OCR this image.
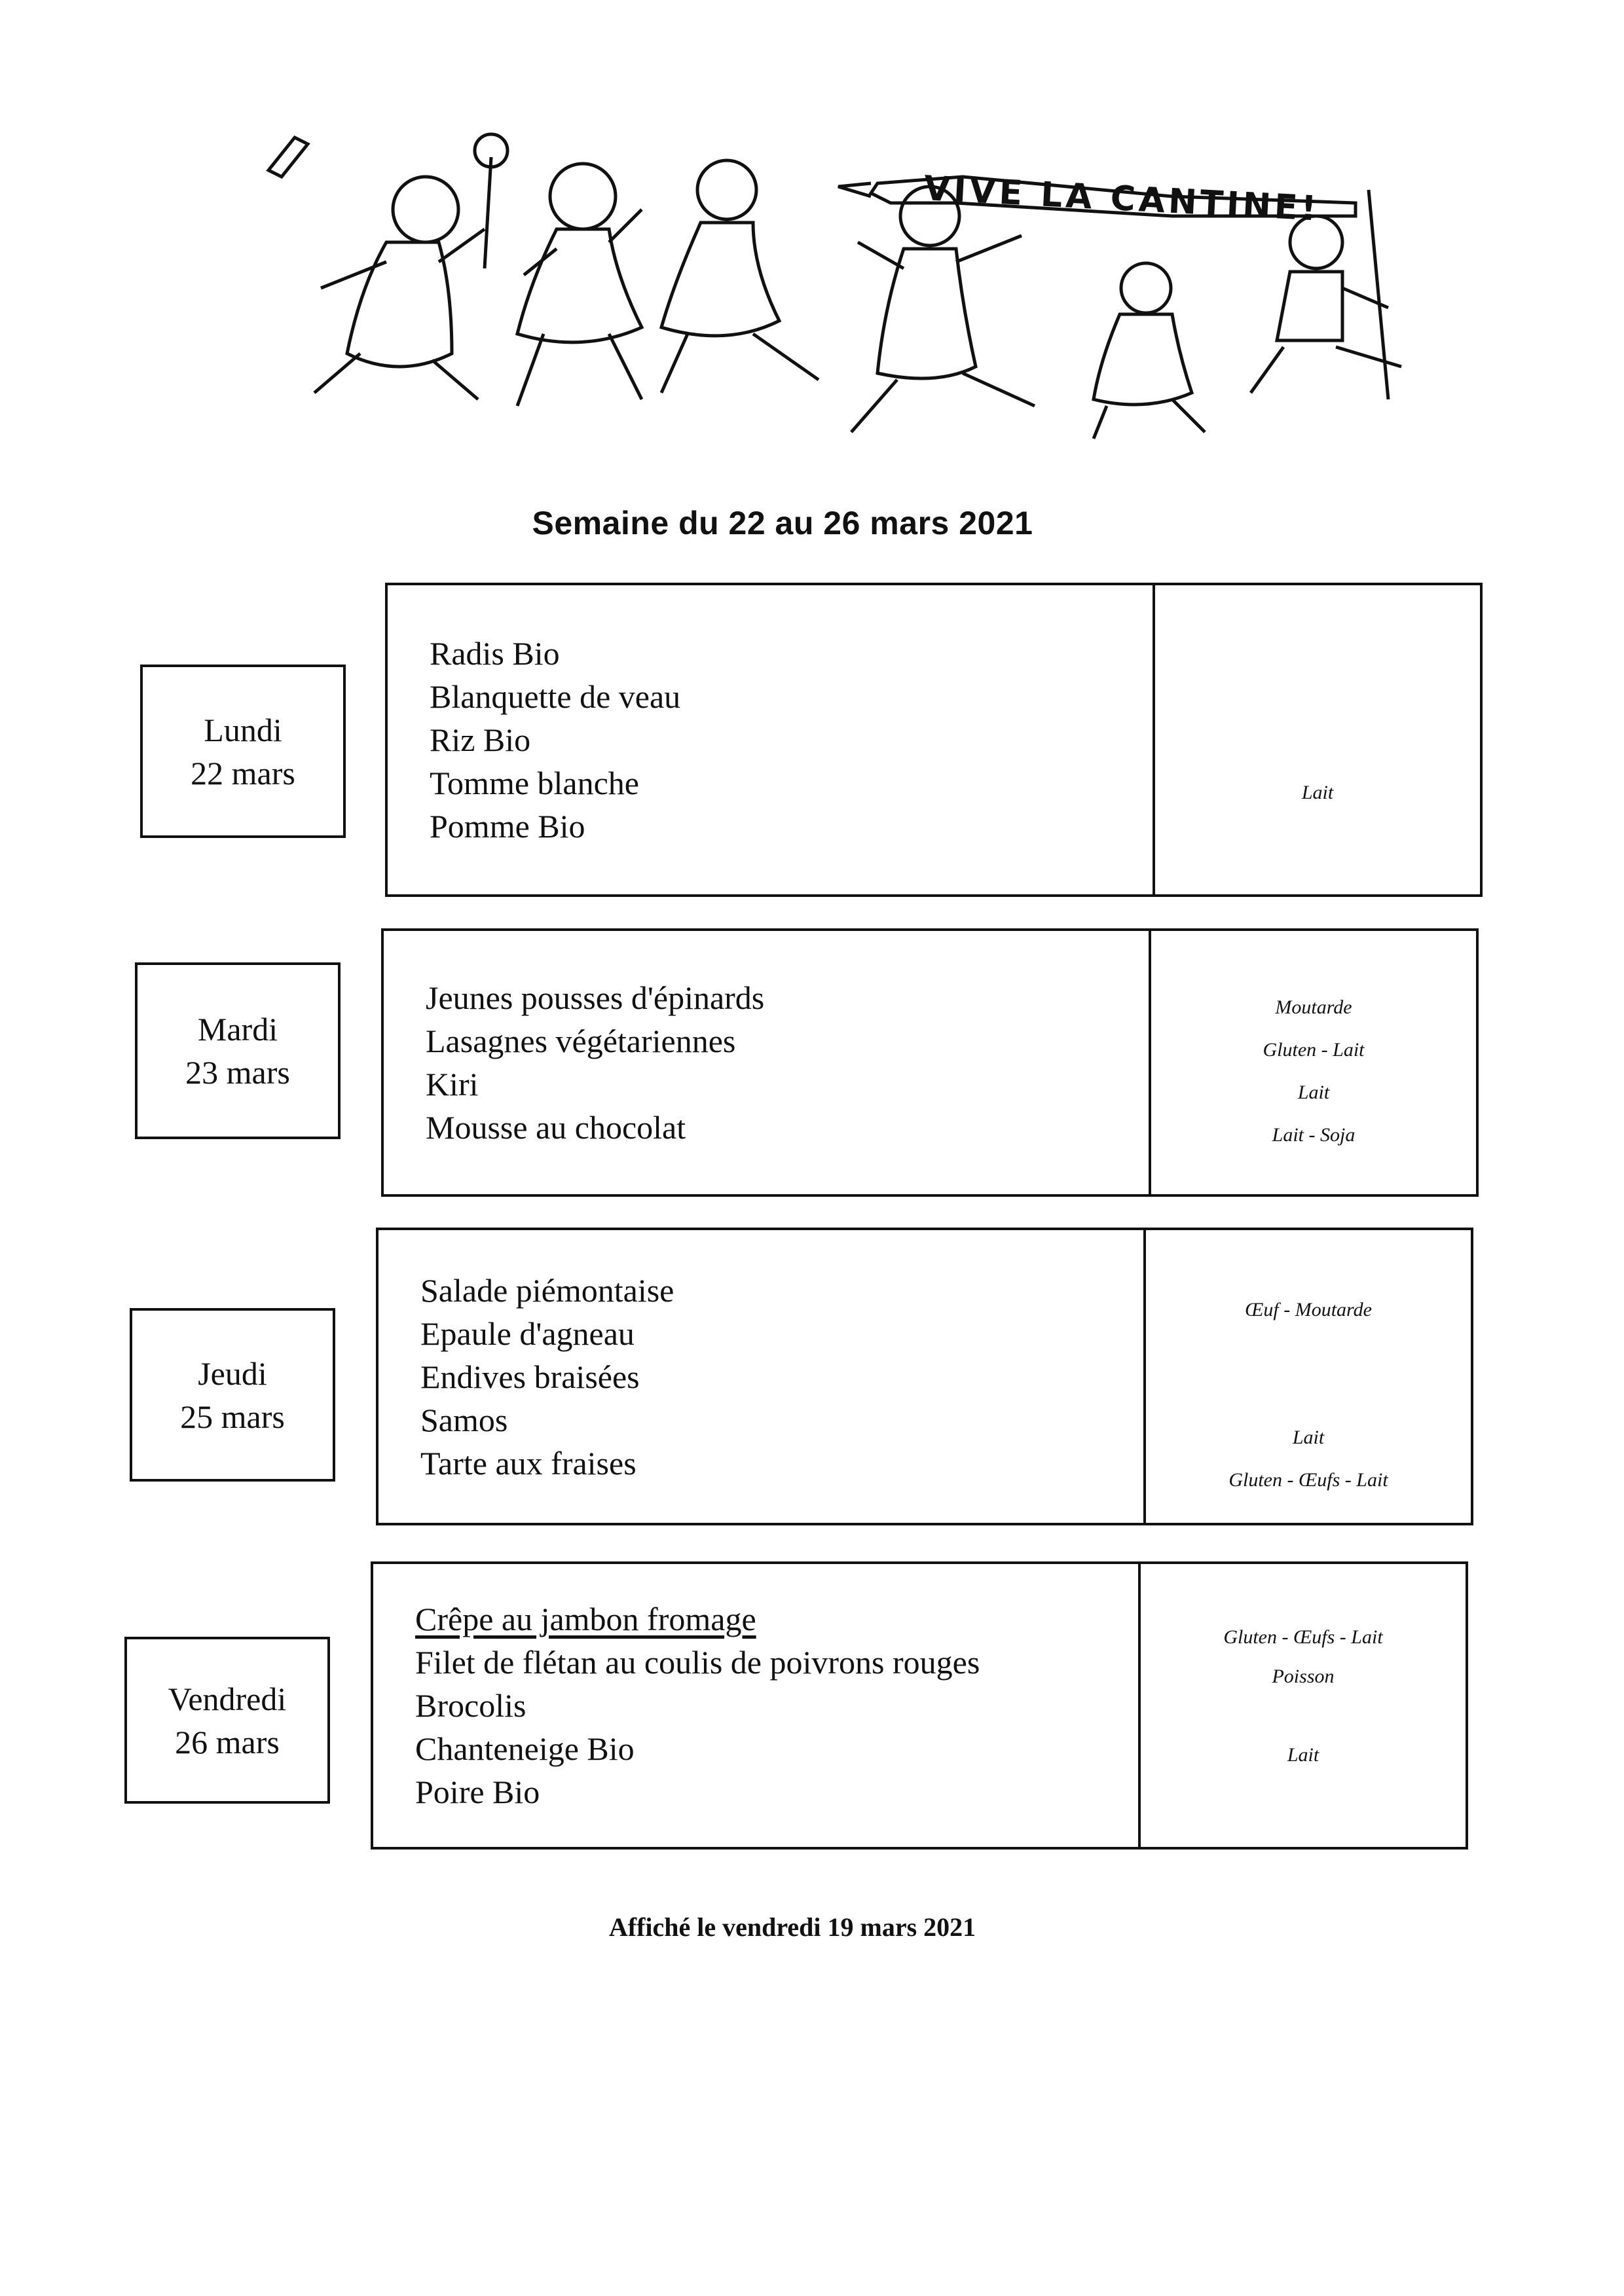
VIVE LA CANTINE!
Semaine du 22 au 26 mars 2021
Lundi
22 mars
Radis Bio
Blanquette de veau
Riz Bio
Tomme blanche
Pomme Bio
Lait
Mardi
23 mars
Jeunes pousses d'épinards
Lasagnes végétariennes
Kiri
Mousse au chocolat
Moutarde
Gluten - Lait
Lait
Lait - Soja
Jeudi
25 mars
Salade piémontaise
Epaule d'agneau
Endives braisées
Samos
Tarte aux fraises
Œuf - Moutarde
Lait
Gluten - Œufs - Lait
Vendredi
26 mars
Crêpe au jambon fromage
Filet de flétan au coulis de poivrons rouges
Brocolis
Chanteneige Bio
Poire Bio
Gluten - Œufs - Lait
Poisson
Lait
Affiché le vendredi 19 mars 2021
